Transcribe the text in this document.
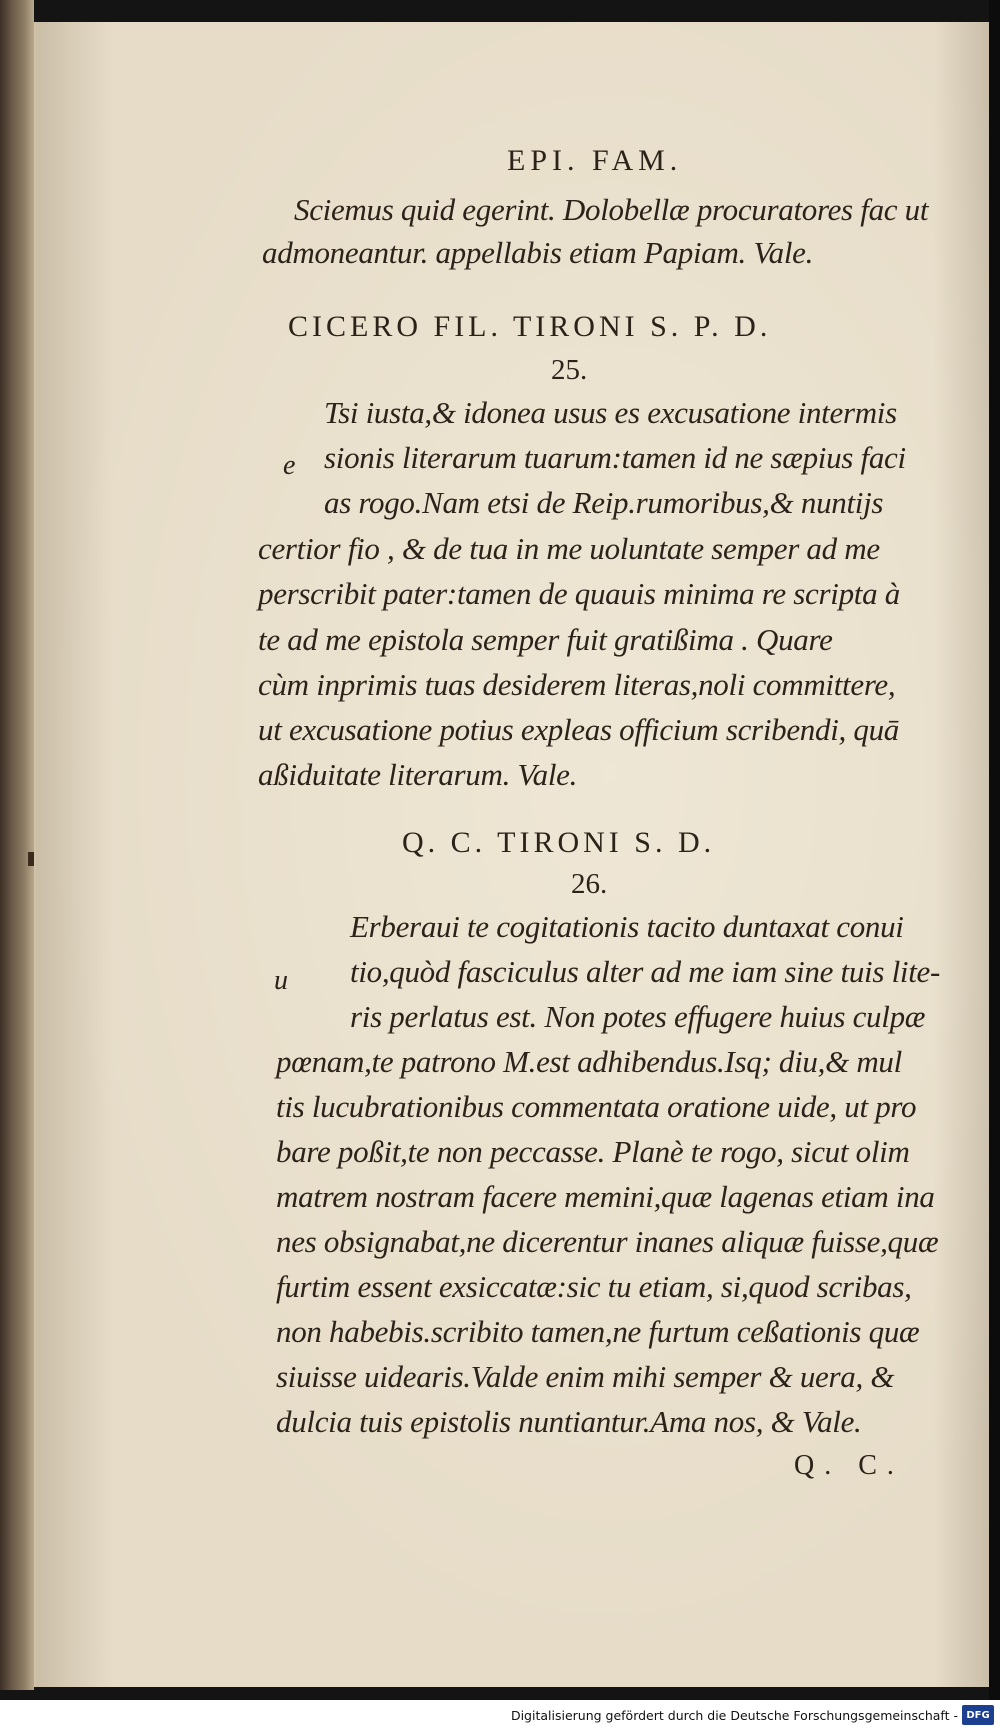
EPI. FAM.
Sciemus quid egerint. Dolobellæ procuratores fac ut
admoneantur. appellabis etiam Papiam. Vale.
CICERO FIL. TIRONI S. P. D.
25.
e
Tsi iusta,& idonea usus es excusatione intermis
sionis literarum tuarum:tamen id ne sæpius faci
as rogo.Nam etsi de Reip.rumoribus,& nuntijs
certior fio , & de tua in me uoluntate semper ad me
perscribit pater:tamen de quauis minima re scripta à
te ad me epistola semper fuit gratißima . Quare
cùm inprimis tuas desiderem literas,noli committere,
ut excusatione potius expleas officium scribendi, quā
aßiduitate literarum. Vale.
Q. C. TIRONI S. D.
26.
u
Erberaui te cogitationis tacito duntaxat conui
tio,quòd fasciculus alter ad me iam sine tuis lite-
ris perlatus est. Non potes effugere huius culpæ
pœnam,te patrono M.est adhibendus.Isq; diu,& mul
tis lucubrationibus commentata oratione uide, ut pro
bare poßit,te non peccasse. Planè te rogo, sicut olim
matrem nostram facere memini,quæ lagenas etiam ina
nes obsignabat,ne dicerentur inanes aliquæ fuisse,quæ
furtim essent exsiccatæ:sic tu etiam, si,quod scribas,
non habebis.scribito tamen,ne furtum ceßationis quæ
siuisse uidearis.Valde enim mihi semper & uera, &
dulcia tuis epistolis nuntiantur.Ama nos, & Vale.
Q. C.
Digitalisierung gefördert durch die Deutsche Forschungsgemeinschaft - DFG
